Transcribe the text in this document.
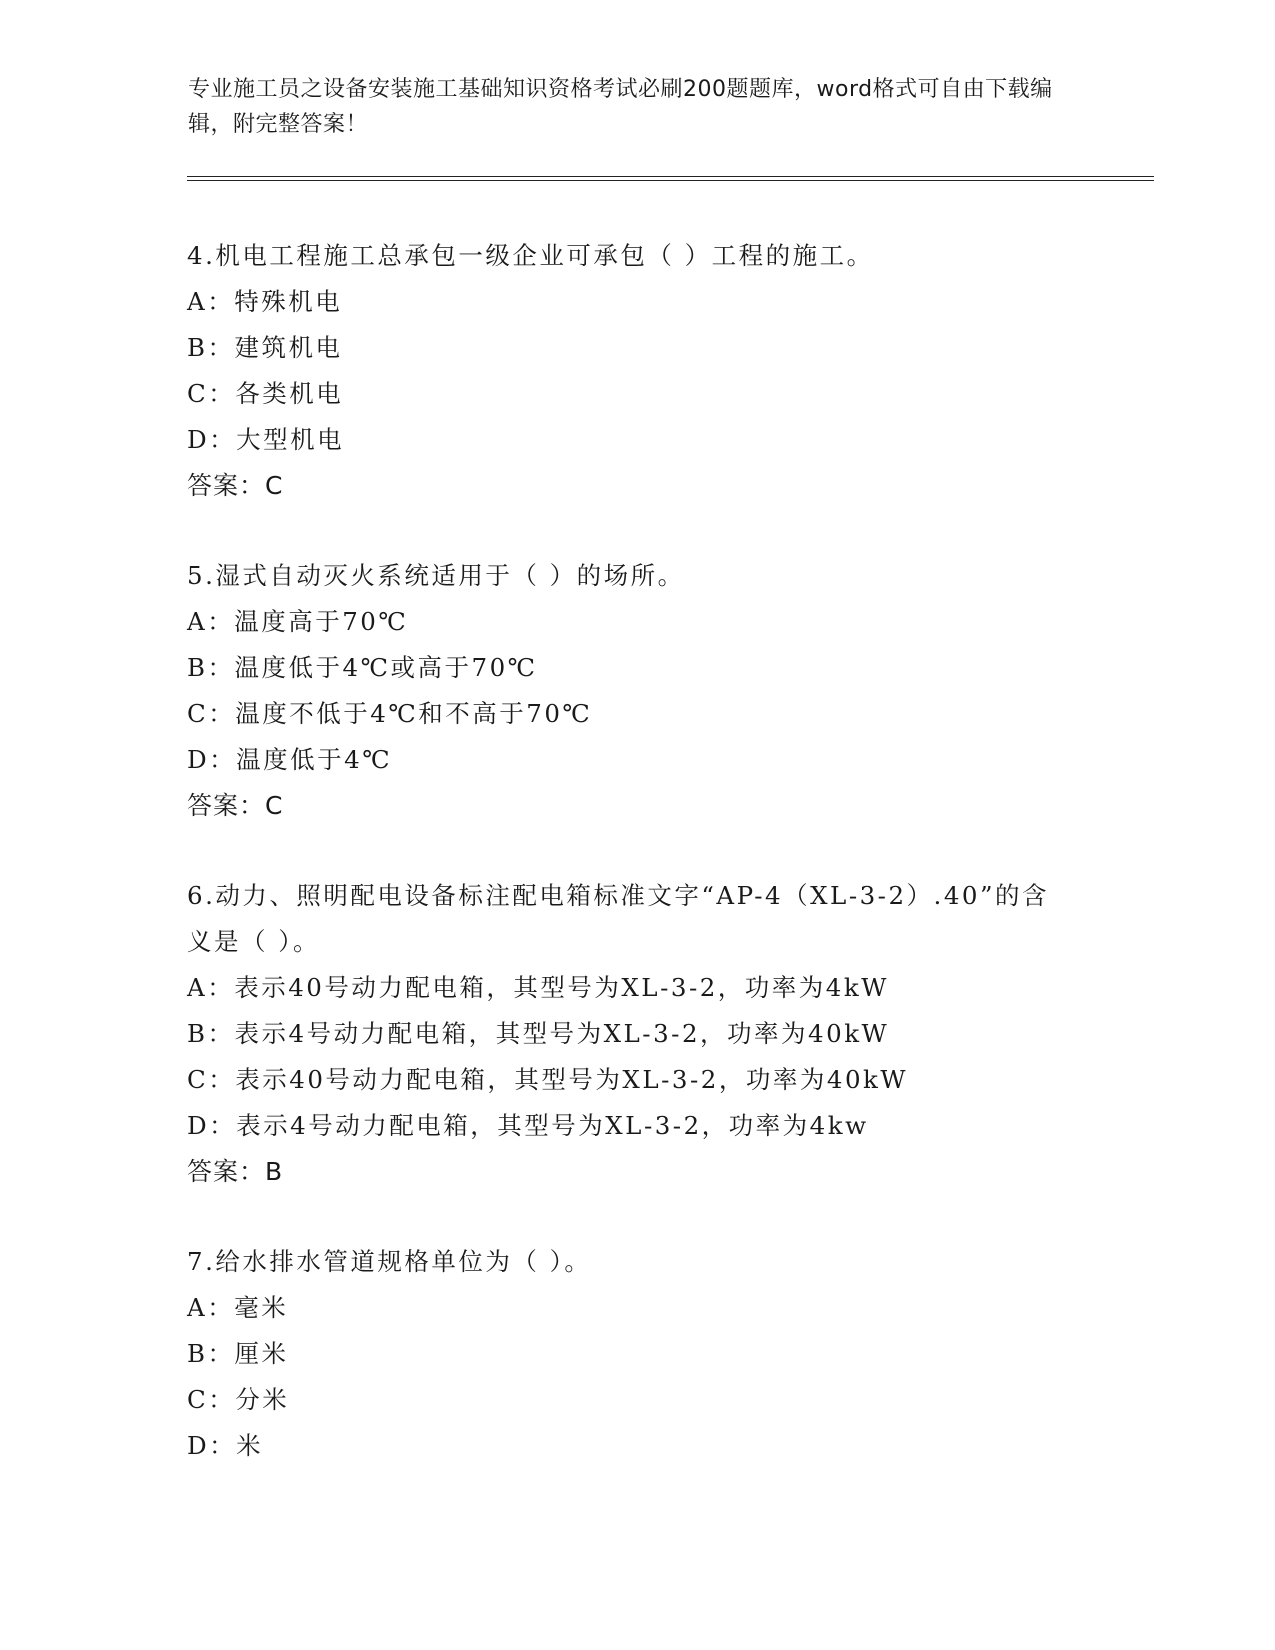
专业施工员之设备安装施工基础知识资格考试必刷200题题库，word格式可自由下载编辑，附完整答案！
4.机电工程施工总承包一级企业可承包（ ）工程的施工。
A：特殊机电
B：建筑机电
C：各类机电
D：大型机电
答案：C
5.湿式自动灭火系统适用于（ ）的场所。
A：温度高于70℃
B：温度低于4℃或高于70℃
C：温度不低于4℃和不高于70℃
D：温度低于4℃
答案：C
6.动力、照明配电设备标注配电箱标准文字“AP-4（XL-3-2）.40”的含义是（ ）。
A：表示40号动力配电箱，其型号为XL-3-2，功率为4kW
B：表示4号动力配电箱，其型号为XL-3-2，功率为40kW
C：表示40号动力配电箱，其型号为XL-3-2，功率为40kW
D：表示4号动力配电箱，其型号为XL-3-2，功率为4kw
答案：B
7.给水排水管道规格单位为（ ）。
A：毫米
B：厘米
C：分米
D：米
